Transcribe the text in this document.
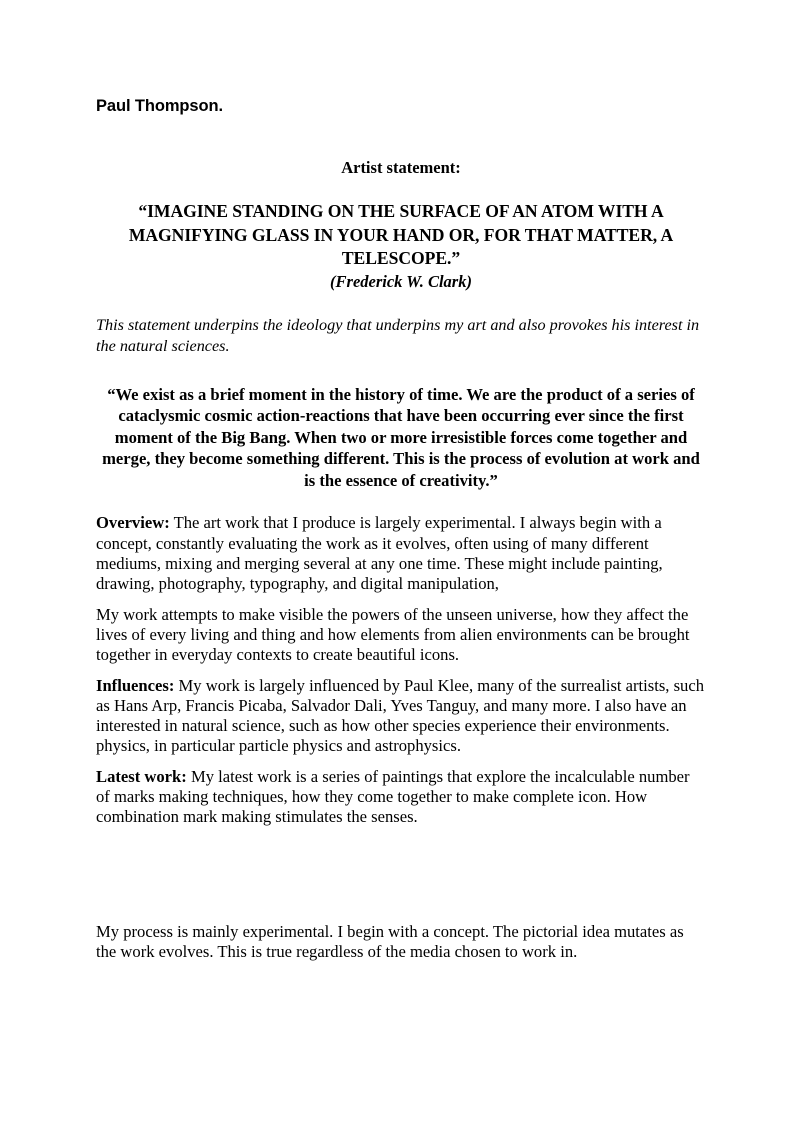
Paul Thompson.
Artist statement:

“IMAGINE STANDING ON THE SURFACE OF AN ATOM WITH A MAGNIFYING GLASS IN YOUR HAND OR, FOR THAT MATTER, A TELESCOPE.”

(Frederick W. Clark)

This statement underpins the ideology that underpins my art and also provokes his interest in the natural sciences.

“We exist as a brief moment in the history of time. We are the product of a series of cataclysmic cosmic action-reactions that have been occurring ever since the first moment of the Big Bang. When two or more irresistible forces come together and merge, they become something different. This is the process of evolution at work and is the essence of creativity.”

Overview: The art work that I produce is largely experimental. I always begin with a concept, constantly evaluating the work as it evolves, often using of many different mediums, mixing and merging several at any one time. These might include painting, drawing, photography, typography, and digital manipulation,

My work attempts to make visible the powers of the unseen universe, how they affect the lives of every living and thing and how elements from alien environments can be brought together in everyday contexts to create beautiful icons.

Influences: My work is largely influenced by Paul Klee, many of the surrealist artists, such as Hans Arp, Francis Picaba, Salvador Dali, Yves Tanguy, and many more. I also have an interested in natural science, such as how other species experience their environments. physics, in particular particle physics and astrophysics.

Latest work: My latest work is a series of paintings that explore the incalculable number of marks making techniques, how they come together to make complete icon. How combination mark making stimulates the senses.

My process is mainly experimental. I begin with a concept. The pictorial idea mutates as the work evolves. This is true regardless of the media chosen to work in.
